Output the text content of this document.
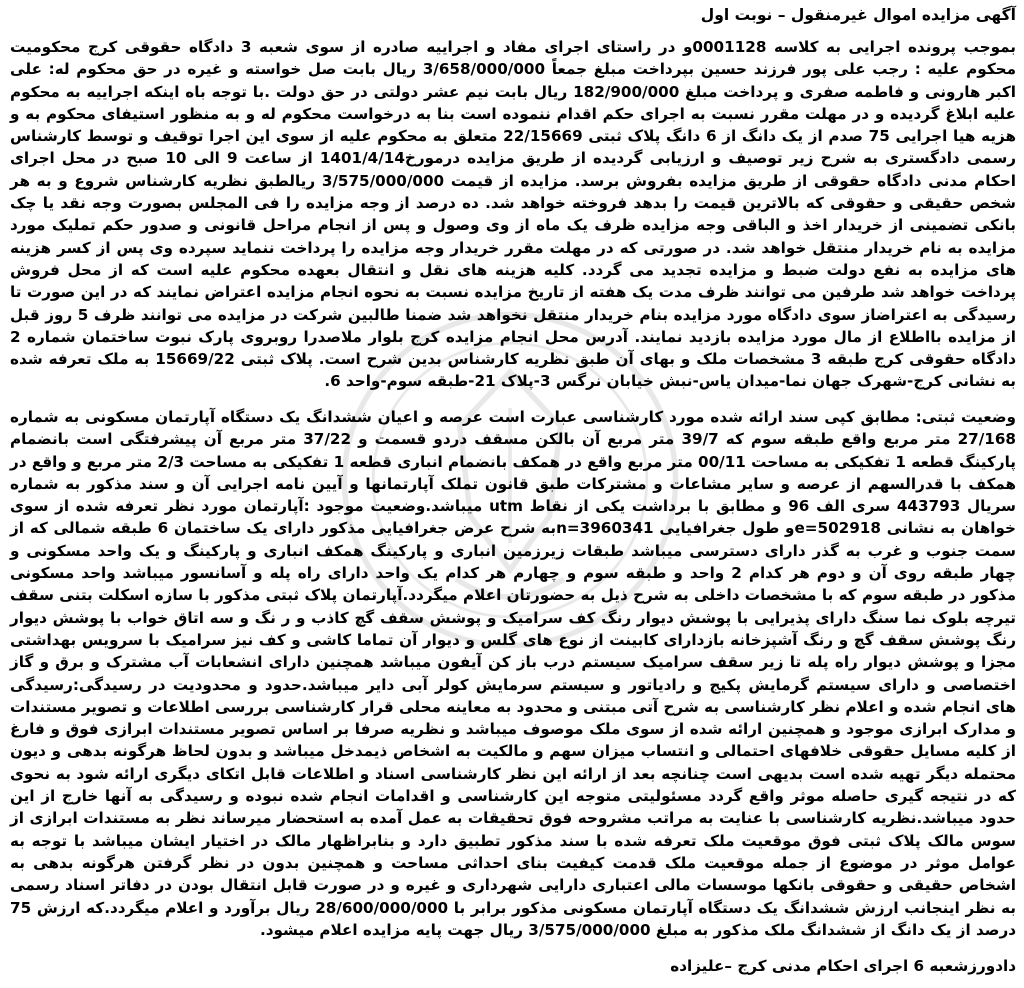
آگهی مزایده اموال غیرمنقول – نوبت اول

بموجب پرونده اجرایی به کلاسه 0001128و در راستای اجرای مفاد و اجراییه صادره از سوی شعبه 3 دادگاه حقوقی کرج محکومیت محکوم علیه : رجب علی پور فرزند حسین بپرداخت مبلغ جمعاً 3/658/000/000 ریال بابت صل خواسته و غیره در حق محکوم له: علی اکبر هارونی و فاطمه صفری و پرداخت مبلغ 182/900/000 ریال بابت نیم عشر دولتی در حق دولت .با توجه باه اینکه اجراییه به محکوم علیه ابلاغ گردیده و در مهلت مقرر نسبت به اجرای حکم اقدام ننموده است بنا به درخواست محکوم له و به منظور استیفای محکوم به و هزیه هیا اجرایی 75 صدم از یک دانگ از 6 دانگ پلاک ثبتی 22/15669 متعلق به محکوم علیه از سوی این اجرا توقیف و توسط کارشناس رسمی دادگستری به شرح زیر توصیف و ارزیابی گردیده از طریق مزایده درمورخ1401/4/14 از ساعت 9 الی 10 صبح در محل اجرای احکام مدنی دادگاه حقوقی از طریق مزایده بفروش برسد. مزایده از قیمت 3/575/000/000 ریالطبق نظریه کارشناس شروع و به هر شخص حقیقی و حقوقی که بالاترین قیمت را بدهد فروخته خواهد شد. ده درصد از وجه مزایده را فی المجلس بصورت وجه نقد یا چک بانکی تضمینی از خریدار اخذ و الباقی وجه مزایده ظرف یک ماه از وی وصول و پس از انجام مراحل قانونی و صدور حکم تملیک مورد مزایده به نام خریدار منتقل خواهد شد. در صورتی که در مهلت مقرر خریدار وجه مزایده را پرداخت ننماید سپرده وی پس از کسر هزینه های مزایده به نفع دولت ضبط و مزایده تجدید می گردد. کلیه هزینه های نقل و انتقال بعهده محکوم علیه است که از محل فروش پرداخت خواهد شد طرفین می توانند ظرف مدت یک هفته از تاریخ مزایده نسبت به نحوه انجام مزایده اعتراض نمایند که در این صورت تا رسیدگی به اعتراضاز سوی دادگاه مورد مزایده بنام خریدار منتقل نخواهد شد ضمنا طالبین شرکت در مزایده می توانند ظرف 5 روز قبل از مزایده بااطلاع از مال مورد مزایده بازدید نمایند. آدرس محل انجام مزایده کرج بلوار ملاصدرا روبروی پارک نبوت ساختمان شماره 2 دادگاه حقوقی کرج طبقه 3 مشخصات ملک و بهای آن طبق نظریه کارشناس بدین شرح است. پلاک ثبتی 15669/22 به ملک تعرفه شده به نشانی کرج-شهرک جهان نما-میدان یاس-نبش خیابان نرگس 3-پلاک 21-طبقه سوم-واحد 6.

وضعیت ثبتی: مطابق کپی سند ارائه شده مورد کارشناسی عبارت است عرصه و اعیان ششدانگ یک دستگاه آپارتمان مسکونی به شماره 27/168 متر مربع واقع طبقه سوم که 39/7 متر مربع آن بالکن مسقف دردو قسمت و 37/22 متر مربع آن پیشرفتگی است بانضمام پارکینگ قطعه 1 تفکیکی به مساحت 00/11 متر مربع واقع در همکف بانضمام انباری قطعه 1 تفکیکی به مساحت 2/3 متر مربع و واقع در همکف با قدرالسهم از عرصه و سایر مشاعات و مشترکات طبق قانون تملک آپارتمانها و آیین نامه اجرایی آن و سند مذکور به شماره سریال 443793 سری الف 96 و مطابق با برداشت یکی از نقاط utm میباشد.وضعیت موجود :آپارتمان مورد نظر تعرفه شده از سوی خواهان به نشانی e=502918و طول جغرافیایی n=3960341به شرح عرض جغرافیایی مذکور دارای یک ساختمان 6 طبقه شمالی که از سمت جنوب و غرب به گذر دارای دسترسی میباشد طبقات زیرزمین انباری و پارکینگ همکف انباری و پارکینگ و یک واحد مسکونی و چهار طبقه روی آن و دوم هر کدام 2 واحد و طبقه سوم و چهارم هر کدام یک واحد دارای راه پله و آسانسور میباشد واحد مسکونی مذکور در طبقه سوم که با مشخصات داخلی به شرح ذیل به حضورتان اعلام میگردد.آپارتمان پلاک ثبتی مذکور با سازه اسکلت بتنی سقف تیرچه بلوک نما سنگ دارای پذیرایی با پوشش دیوار رنگ کف سرامیک و پوشش سقف گچ کاذب و ر نگ و سه اتاق خواب با پوشش دیوار رنگ پوشش سقف گچ و رنگ آشپزخانه بازدارای کابینت از نوع های گلس و دیوار آن تماما کاشی و کف نیز سرامیک با سرویس بهداشتی مجزا و پوشش دیوار راه پله تا زیر سقف سرامیک سیستم درب باز کن آیفون میباشد همچنین دارای انشعابات آب مشترک و برق و گاز اختصاصی و دارای سیستم گرمایش پکیج و رادیاتور و سیستم سرمایش کولر آبی دایر میباشد.حدود و محدودیت در رسیدگی:رسیدگی های انجام شده و اعلام نظر کارشناسی به شرح آتی مبتنی و محدود به معاینه محلی قرار کارشناسی بررسی اطلاعات و تصویر مستندات و مدارک ابرازی موجود و همچنین ارائه شده از سوی ملک موصوف میباشد و نظریه صرفا بر اساس تصویر مستندات ابرازی فوق و فارغ از کلیه مسایل حقوقی خلافهای احتمالی و انتساب میزان سهم و مالکیت به اشخاص ذیمدخل میباشد و بدون لحاظ هرگونه بدهی و دیون محتمله دیگر تهیه شده است بدیهی است چنانچه بعد از ارائه این نظر کارشناسی اسناد و اطلاعات قابل اتکای دیگری ارائه شود به نحوی که در نتیجه گیری حاصله موثر واقع گردد مسئولیتی متوجه این کارشناسی و اقدامات انجام شده نبوده و رسیدگی به آنها خارج از این حدود میباشد.نظریه کارشناسی با عنایت به مراتب مشروحه فوق تحقیقات به عمل آمده به استحضار میرساند نظر به مستندات ابرازی از سوس مالک پلاک ثبتی فوق موقعیت ملک تعرفه شده با سند مذکور تطبیق دارد و بنابراظهار مالک در اختیار ایشان میباشد با توجه به عوامل موثر در موضوع از جمله موقعیت ملک قدمت کیفیت بنای احداثی مساحت و همچنین بدون در نظر گرفتن هرگونه بدهی به اشخاص حقیقی و حقوقی بانکها موسسات مالی اعتباری دارایی شهرداری و غیره و در صورت قابل انتقال بودن در دفاتر اسناد رسمی به نظر اینجانب ارزش ششدانگ یک دستگاه آپارتمان مسکونی مذکور برابر با 28/600/000/000 ریال برآورد و اعلام میگردد.که ارزش 75 درصد از یک دانگ از ششدانگ ملک مذکور به مبلغ 3/575/000/000 ریال جهت پایه مزایده اعلام میشود.

دادورزشعبه 6 اجرای احکام مدنی کرج –علیزاده
